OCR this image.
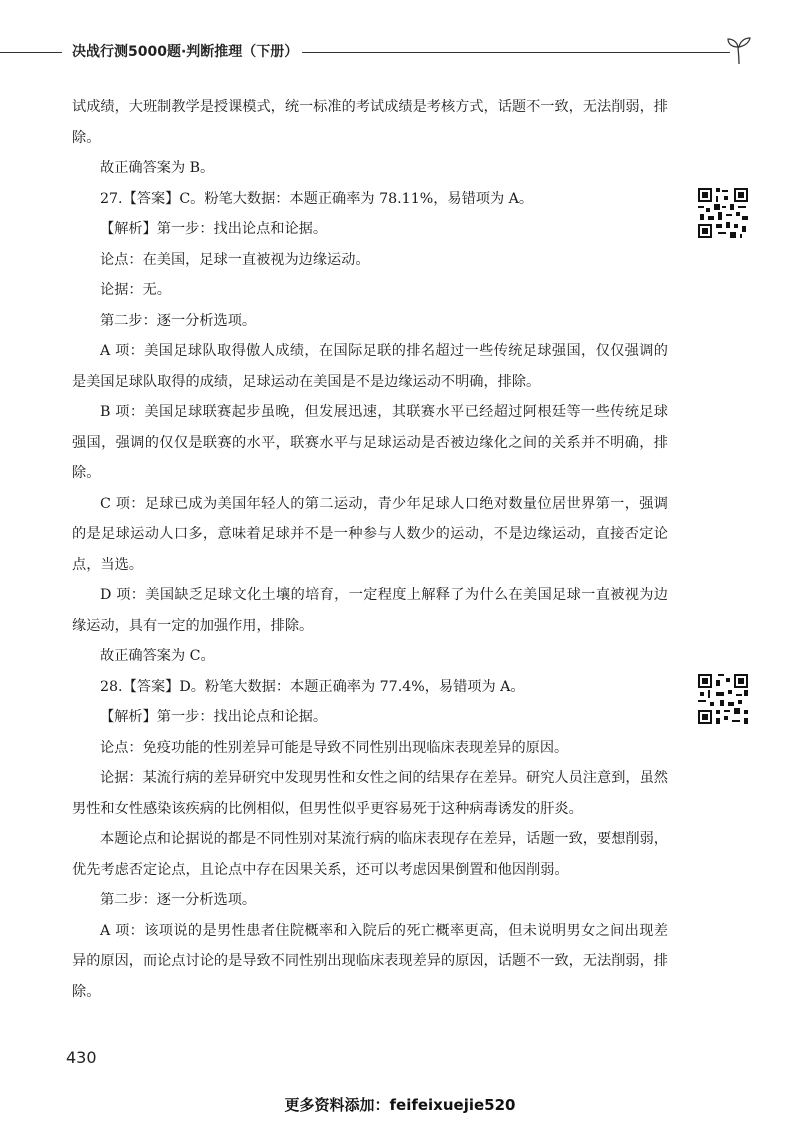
决战行测5000题·判断推理（下册）

试成绩，大班制教学是授课模式，统一标准的考试成绩是考核方式，话题不一致，无法削弱，排除。

故正确答案为 B。

27.【答案】C。粉笔大数据：本题正确率为 78.11%，易错项为 A。

【解析】第一步：找出论点和论据。

论点：在美国，足球一直被视为边缘运动。

论据：无。

第二步：逐一分析选项。

A 项：美国足球队取得傲人成绩，在国际足联的排名超过一些传统足球强国，仅仅强调的是美国足球队取得的成绩，足球运动在美国是不是边缘运动不明确，排除。

B 项：美国足球联赛起步虽晚，但发展迅速，其联赛水平已经超过阿根廷等一些传统足球强国，强调的仅仅是联赛的水平，联赛水平与足球运动是否被边缘化之间的关系并不明确，排除。

C 项：足球已成为美国年轻人的第二运动，青少年足球人口绝对数量位居世界第一，强调的是足球运动人口多，意味着足球并不是一种参与人数少的运动，不是边缘运动，直接否定论点，当选。

D 项：美国缺乏足球文化土壤的培育，一定程度上解释了为什么在美国足球一直被视为边缘运动，具有一定的加强作用，排除。

故正确答案为 C。

28.【答案】D。粉笔大数据：本题正确率为 77.4%，易错项为 A。

【解析】第一步：找出论点和论据。

论点：免疫功能的性别差异可能是导致不同性别出现临床表现差异的原因。

论据：某流行病的差异研究中发现男性和女性之间的结果存在差异。研究人员注意到，虽然男性和女性感染该疾病的比例相似，但男性似乎更容易死于这种病毒诱发的肝炎。

本题论点和论据说的都是不同性别对某流行病的临床表现存在差异，话题一致，要想削弱，优先考虑否定论点，且论点中存在因果关系，还可以考虑因果倒置和他因削弱。

第二步：逐一分析选项。

A 项：该项说的是男性患者住院概率和入院后的死亡概率更高，但未说明男女之间出现差异的原因，而论点讨论的是导致不同性别出现临床表现差异的原因，话题不一致，无法削弱，排除。

430
更多资料添加：feifeixuejie520
